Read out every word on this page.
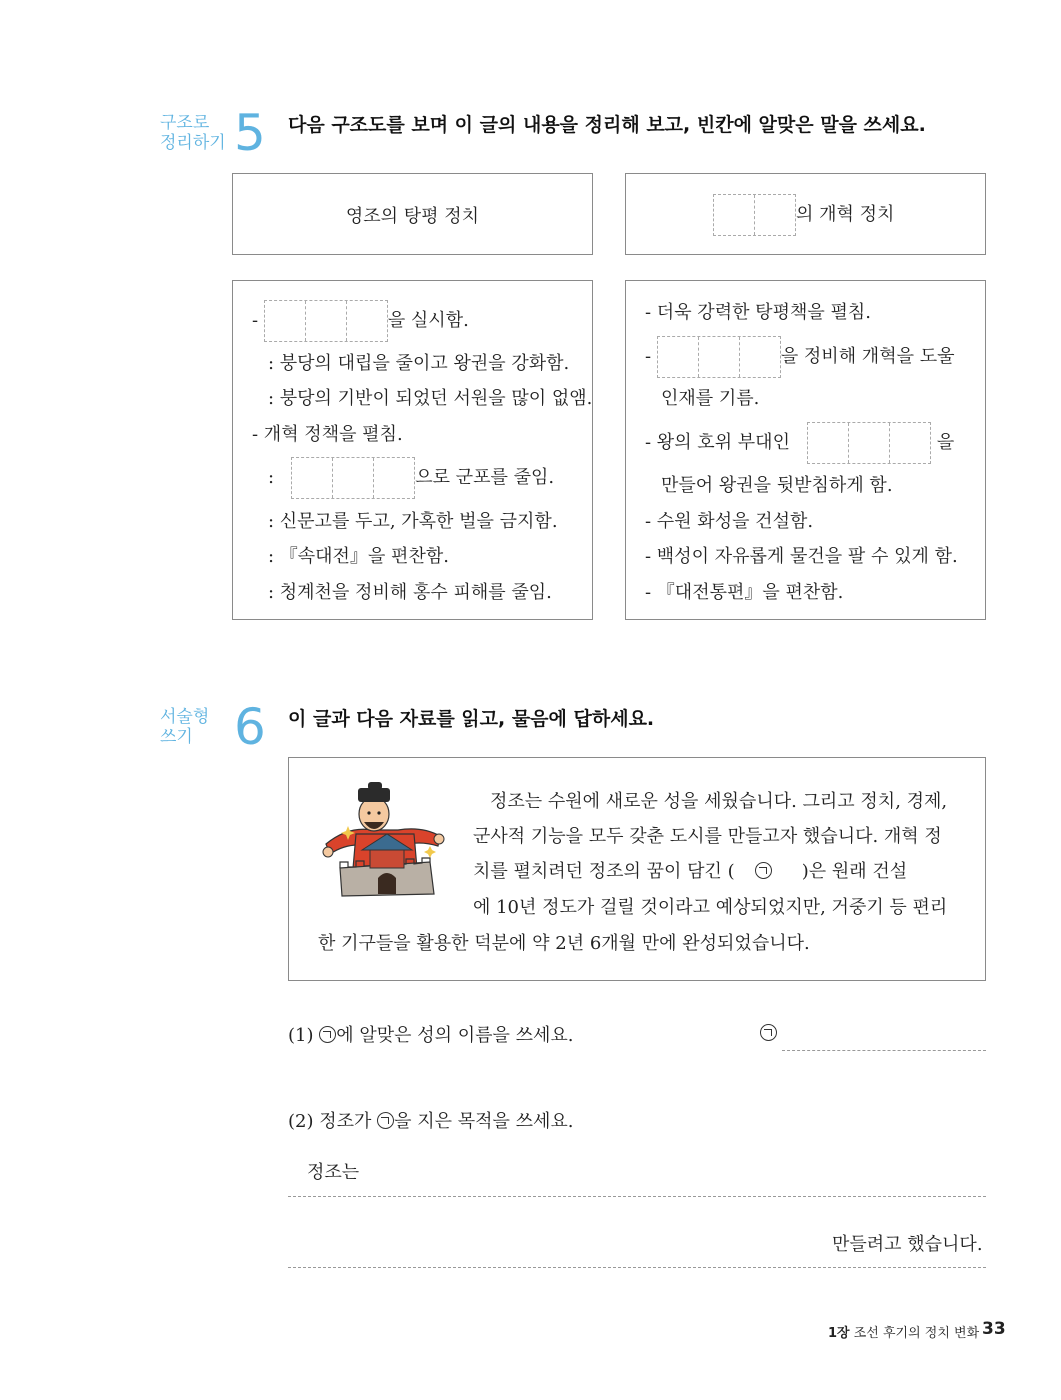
구조로
정리하기 5 다음 구조도를 보며 이 글의 내용을 정리해 보고, 빈칸에 알맞은 말을 쓰세요.
영조의 탕평 정치	의 개혁 정치
-	을 실시함.
: 붕당의 대립을 줄이고 왕권을 강화함.
: 붕당의 기반이 되었던 서원을 많이 없앰.
- 개혁 정책을 펼침.
:	으로 군포를 줄임.
: 신문고를 두고, 가혹한 벌을 금지함.
: 『속대전』을 편찬함.
: 청계천을 정비해 홍수 피해를 줄임.
- 더욱 강력한 탕평책을 펼침.
-	을 정비해 개혁을 도울
인재를 기름.
- 왕의 호위 부대인	을
만들어 왕권을 뒷받침하게 함.
- 수원 화성을 건설함.
- 백성이 자유롭게 물건을 팔 수 있게 함.
- 『대전통편』을 편찬함.
서술형
쓰기 6 이 글과 다음 자료를 읽고, 물음에 답하세요.
정조는 수원에 새로운 성을 세웠습니다. 그리고 정치, 경제,
군사적 기능을 모두 갖춘 도시를 만들고자 했습니다. 개혁 정
치를 펼치려던 정조의 꿈이 담긴 (	)은 원래 건설
에 10년 정도가 걸릴 것이라고 예상되었지만, 거중기 등 편리
한 기구들을 활용한 덕분에 약 2년 6개월 만에 완성되었습니다.
(1) 에 알맞은 성의 이름을 쓰세요.
(2) 정조가 을 지은 목적을 쓰세요.
정조는
만들려고 했습니다.
1장 조선 후기의 정치 변화 33
